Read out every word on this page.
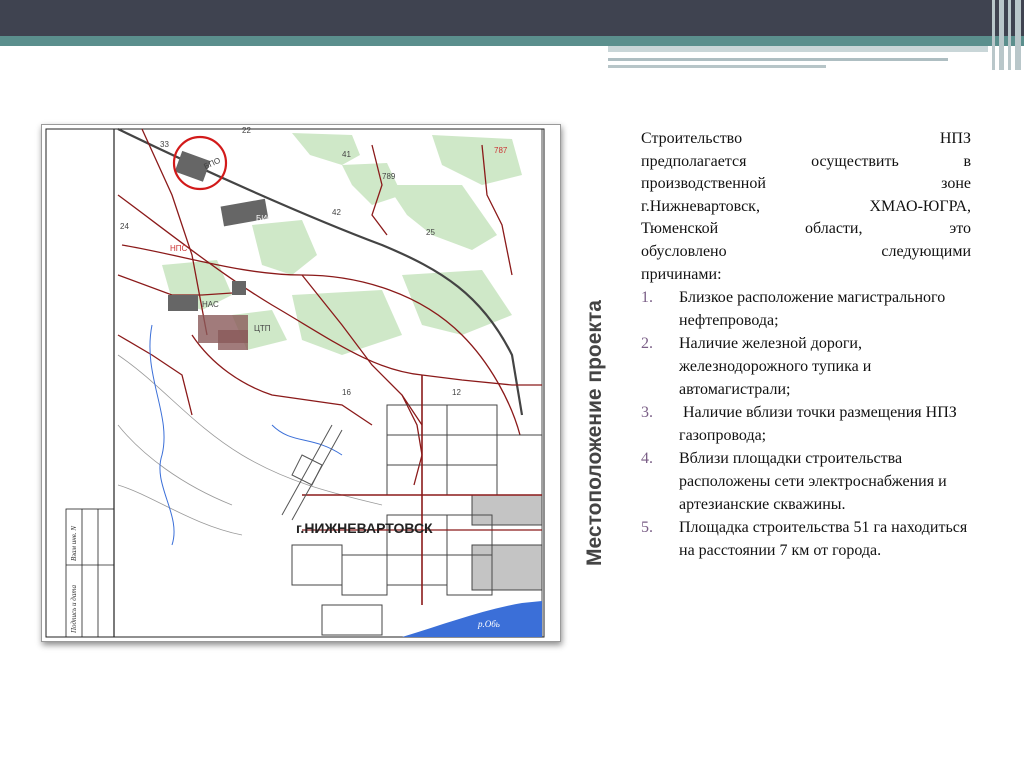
БПО
БИО
НПС
НАС
ЦТП
33
41	787
789
42
25
24
22
16	12
г.НИЖНЕВАРТОВСК
р.Обь
Взам инв. N
Подпись и дата
Местоположение проекта
Строительство	НПЗ
предполагается	осуществить	в
производственной	зоне
г.Нижневартовск,	ХМАО-ЮГРА,
Тюменской	области,	это
обусловлено	следующими
причинами:
1. Близкое расположение магистрального нефтепровода;
2. Наличие железной дороги, железнодорожного тупика и автомагистрали;
3. Наличие вблизи точки размещения НПЗ газопровода;
4. Вблизи площадки строительства расположены сети электроснабжения и артезианские скважины.
5. Площадка строительства 51 га находиться на расстоянии 7 км от города.
